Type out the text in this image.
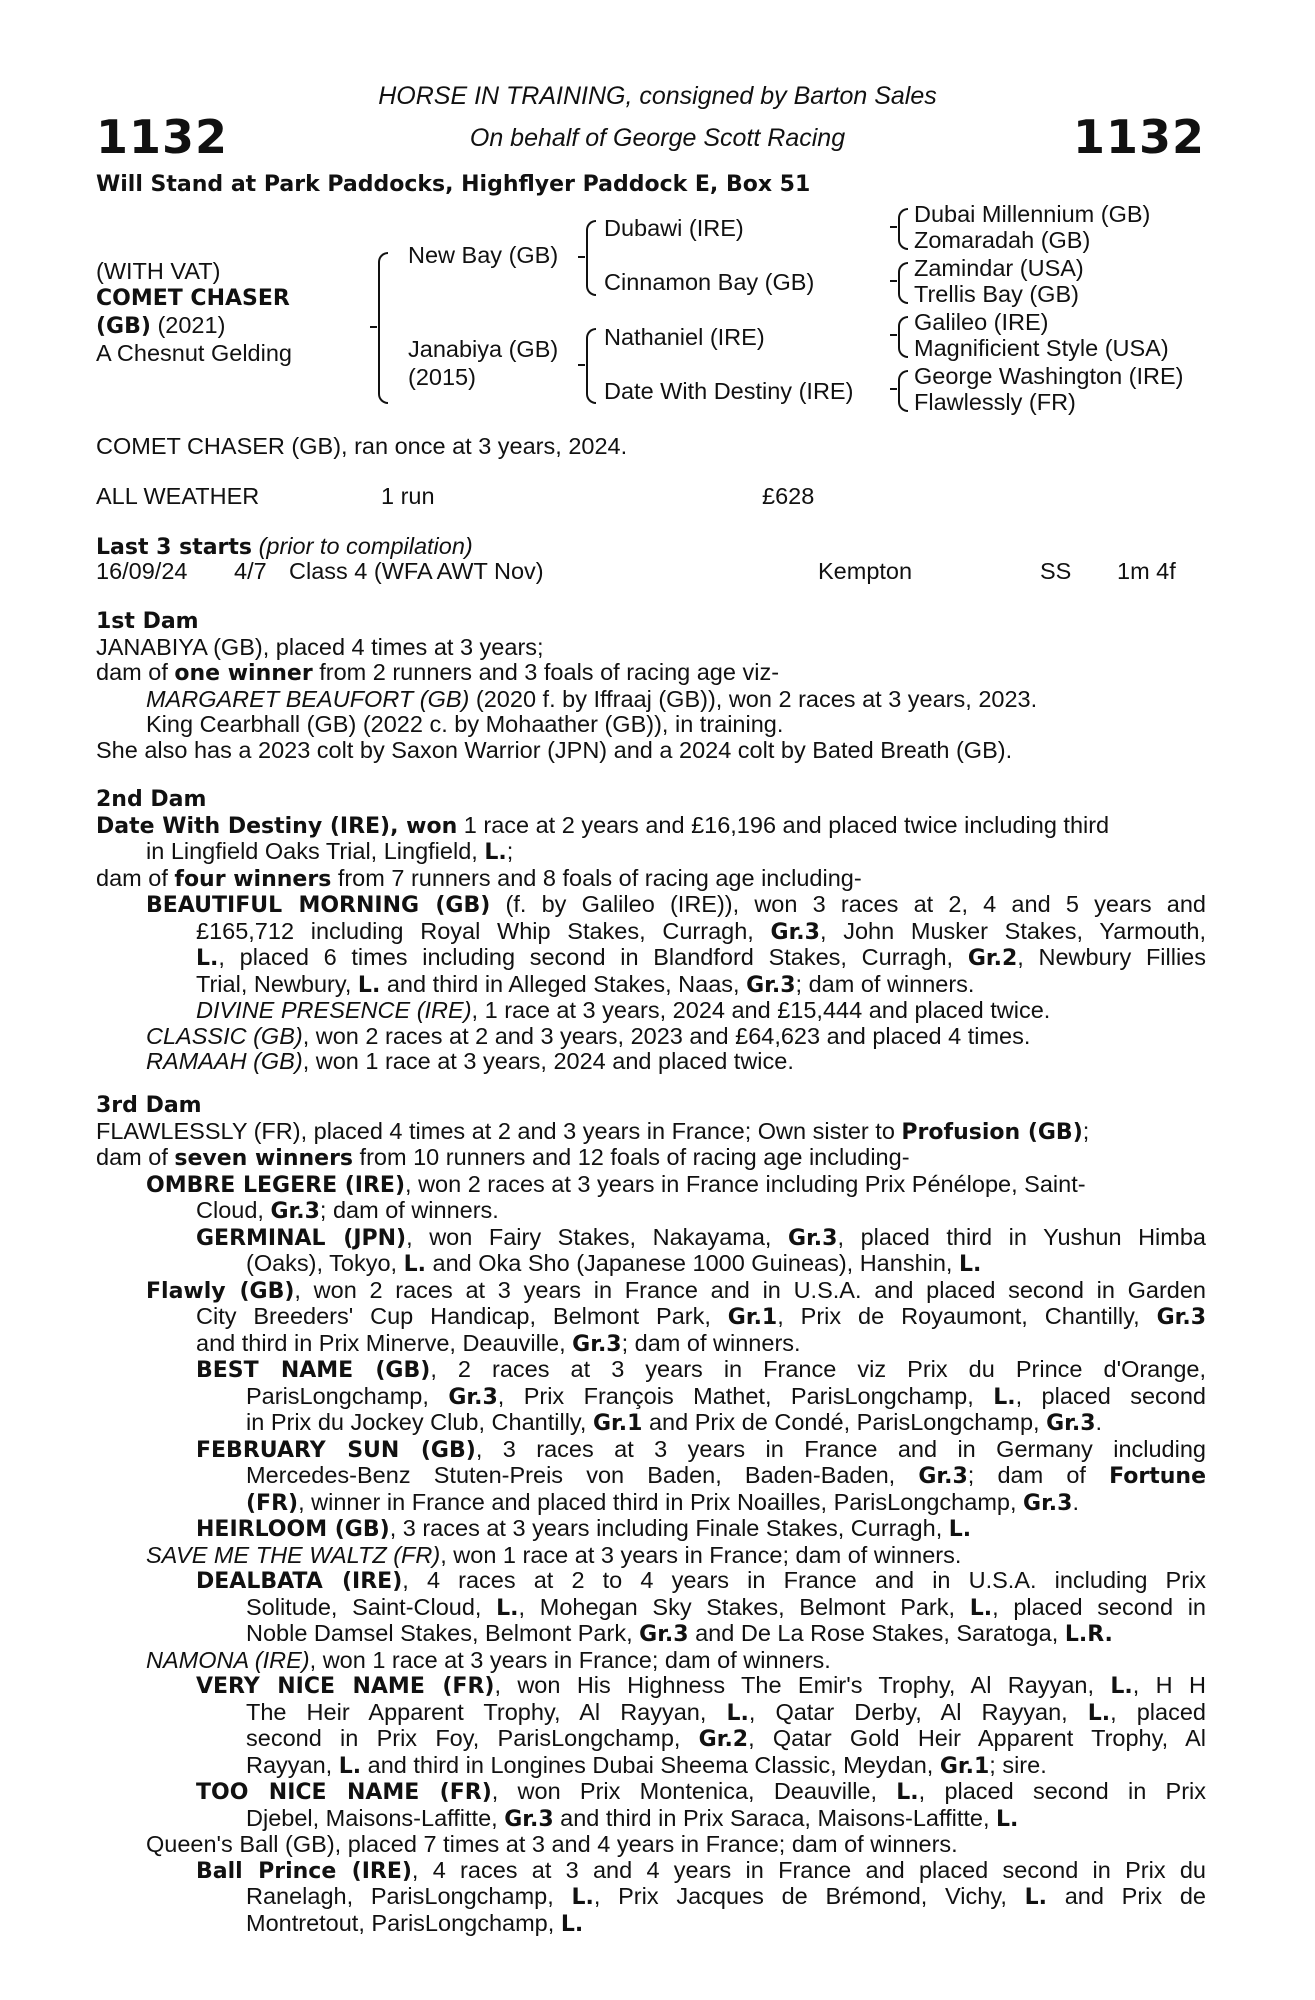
1132	1132
HORSE IN TRAINING, consigned by Barton Sales
On behalf of George Scott Racing
Will Stand at Park Paddocks, Highflyer Paddock E, Box 51
(WITH VAT)
COMET CHASER
(GB) (2021)
A Chesnut Gelding
New Bay (GB)
Janabiya (GB)
(2015)
Dubawi (IRE)
Cinnamon Bay (GB)
Nathaniel (IRE)
Date With Destiny (IRE)
Dubai Millennium (GB)
Zomaradah (GB)
Zamindar (USA)
Trellis Bay (GB)
Galileo (IRE)
Magnificient Style (USA)
George Washington (IRE)
Flawlessly (FR)
COMET CHASER (GB), ran once at 3 years, 2024.
ALL WEATHER	1 run	£628
Last 3 starts (prior to compilation)
16/09/24 4/7 Class 4 (WFA AWT Nov)	Kempton	SS 1m 4f
1st Dam
JANABIYA (GB), placed 4 times at 3 years;
dam of one winner from 2 runners and 3 foals of racing age viz-
MARGARET BEAUFORT (GB) (2020 f. by Iffraaj (GB)), won 2 races at 3 years, 2023.
King Cearbhall (GB) (2022 c. by Mohaather (GB)), in training.
She also has a 2023 colt by Saxon Warrior (JPN) and a 2024 colt by Bated Breath (GB).
2nd Dam
Date With Destiny (IRE), won 1 race at 2 years and £16,196 and placed twice including third
in Lingfield Oaks Trial, Lingfield, L.;
dam of four winners from 7 runners and 8 foals of racing age including-
BEAUTIFUL MORNING (GB) (f. by Galileo (IRE)), won 3 races at 2, 4 and 5 years and
£165,712 including Royal Whip Stakes, Curragh, Gr.3, John Musker Stakes, Yarmouth,
L., placed 6 times including second in Blandford Stakes, Curragh, Gr.2, Newbury Fillies
Trial, Newbury, L. and third in Alleged Stakes, Naas, Gr.3; dam of winners.
DIVINE PRESENCE (IRE), 1 race at 3 years, 2024 and £15,444 and placed twice.
CLASSIC (GB), won 2 races at 2 and 3 years, 2023 and £64,623 and placed 4 times.
RAMAAH (GB), won 1 race at 3 years, 2024 and placed twice.
3rd Dam
FLAWLESSLY (FR), placed 4 times at 2 and 3 years in France; Own sister to Profusion (GB);
dam of seven winners from 10 runners and 12 foals of racing age including-
OMBRE LEGERE (IRE), won 2 races at 3 years in France including Prix Pénélope, Saint-
Cloud, Gr.3; dam of winners.
GERMINAL (JPN), won Fairy Stakes, Nakayama, Gr.3, placed third in Yushun Himba
(Oaks), Tokyo, L. and Oka Sho (Japanese 1000 Guineas), Hanshin, L.
Flawly (GB), won 2 races at 3 years in France and in U.S.A. and placed second in Garden
City Breeders' Cup Handicap, Belmont Park, Gr.1, Prix de Royaumont, Chantilly, Gr.3
and third in Prix Minerve, Deauville, Gr.3; dam of winners.
BEST NAME (GB), 2 races at 3 years in France viz Prix du Prince d'Orange,
ParisLongchamp, Gr.3, Prix François Mathet, ParisLongchamp, L., placed second
in Prix du Jockey Club, Chantilly, Gr.1 and Prix de Condé, ParisLongchamp, Gr.3.
FEBRUARY SUN (GB), 3 races at 3 years in France and in Germany including
Mercedes-Benz Stuten-Preis von Baden, Baden-Baden, Gr.3; dam of Fortune
(FR), winner in France and placed third in Prix Noailles, ParisLongchamp, Gr.3.
HEIRLOOM (GB), 3 races at 3 years including Finale Stakes, Curragh, L.
SAVE ME THE WALTZ (FR), won 1 race at 3 years in France; dam of winners.
DEALBATA (IRE), 4 races at 2 to 4 years in France and in U.S.A. including Prix
Solitude, Saint-Cloud, L., Mohegan Sky Stakes, Belmont Park, L., placed second in
Noble Damsel Stakes, Belmont Park, Gr.3 and De La Rose Stakes, Saratoga, L.R.
NAMONA (IRE), won 1 race at 3 years in France; dam of winners.
VERY NICE NAME (FR), won His Highness The Emir's Trophy, Al Rayyan, L., H H
The Heir Apparent Trophy, Al Rayyan, L., Qatar Derby, Al Rayyan, L., placed
second in Prix Foy, ParisLongchamp, Gr.2, Qatar Gold Heir Apparent Trophy, Al
Rayyan, L. and third in Longines Dubai Sheema Classic, Meydan, Gr.1; sire.
TOO NICE NAME (FR), won Prix Montenica, Deauville, L., placed second in Prix
Djebel, Maisons-Laffitte, Gr.3 and third in Prix Saraca, Maisons-Laffitte, L.
Queen's Ball (GB), placed 7 times at 3 and 4 years in France; dam of winners.
Ball Prince (IRE), 4 races at 3 and 4 years in France and placed second in Prix du
Ranelagh, ParisLongchamp, L., Prix Jacques de Brémond, Vichy, L. and Prix de
Montretout, ParisLongchamp, L.
